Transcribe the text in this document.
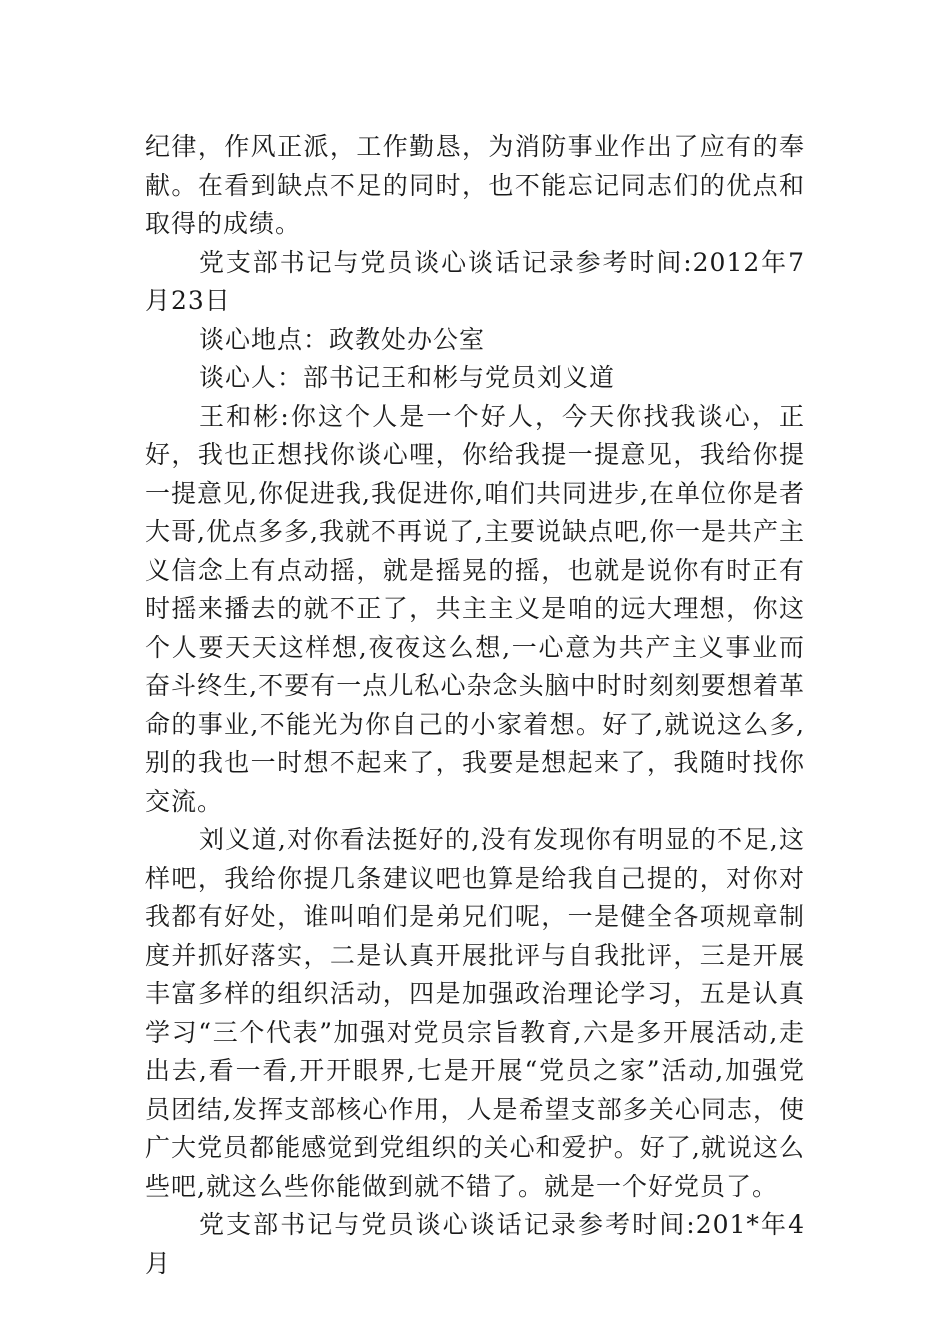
纪律，作风正派，工作勤恳，为消防事业作出了应有的奉献。在看到缺点不足的同时，也不能忘记同志们的优点和取得的成绩。

党支部书记与党员谈心谈话记录参考时间:2012年7月23日

谈心地点：政教处办公室

谈心人：部书记王和彬与党员刘义道

王和彬:你这个人是一个好人，今天你找我谈心，正好，我也正想找你谈心哩，你给我提一提意见，我给你提一提意见,你促进我,我促进你,咱们共同进步,在单位你是者大哥,优点多多,我就不再说了,主要说缺点吧,你一是共产主义信念上有点动摇，就是摇晃的摇，也就是说你有时正有时摇来播去的就不正了，共主主义是咱的远大理想，你这个人要天天这样想,夜夜这么想,一心意为共产主义事业而奋斗终生,不要有一点儿私心杂念头脑中时时刻刻要想着革命的事业,不能光为你自己的小家着想。好了,就说这么多,别的我也一时想不起来了，我要是想起来了，我随时找你交流。

刘义道,对你看法挺好的,没有发现你有明显的不足,这样吧，我给你提几条建议吧也算是给我自己提的，对你对我都有好处，谁叫咱们是弟兄们呢，一是健全各项规章制度并抓好落实，二是认真开展批评与自我批评，三是开展丰富多样的组织活动，四是加强政治理论学习，五是认真学习“三个代表”加强对党员宗旨教育,六是多开展活动,走出去,看一看,开开眼界,七是开展“党员之家”活动,加强党员团结,发挥支部核心作用，人是希望支部多关心同志，使广大党员都能感觉到党组织的关心和爱护。好了,就说这么些吧,就这么些你能做到就不错了。就是一个好党员了。

党支部书记与党员谈心谈话记录参考时间:201*年4月
